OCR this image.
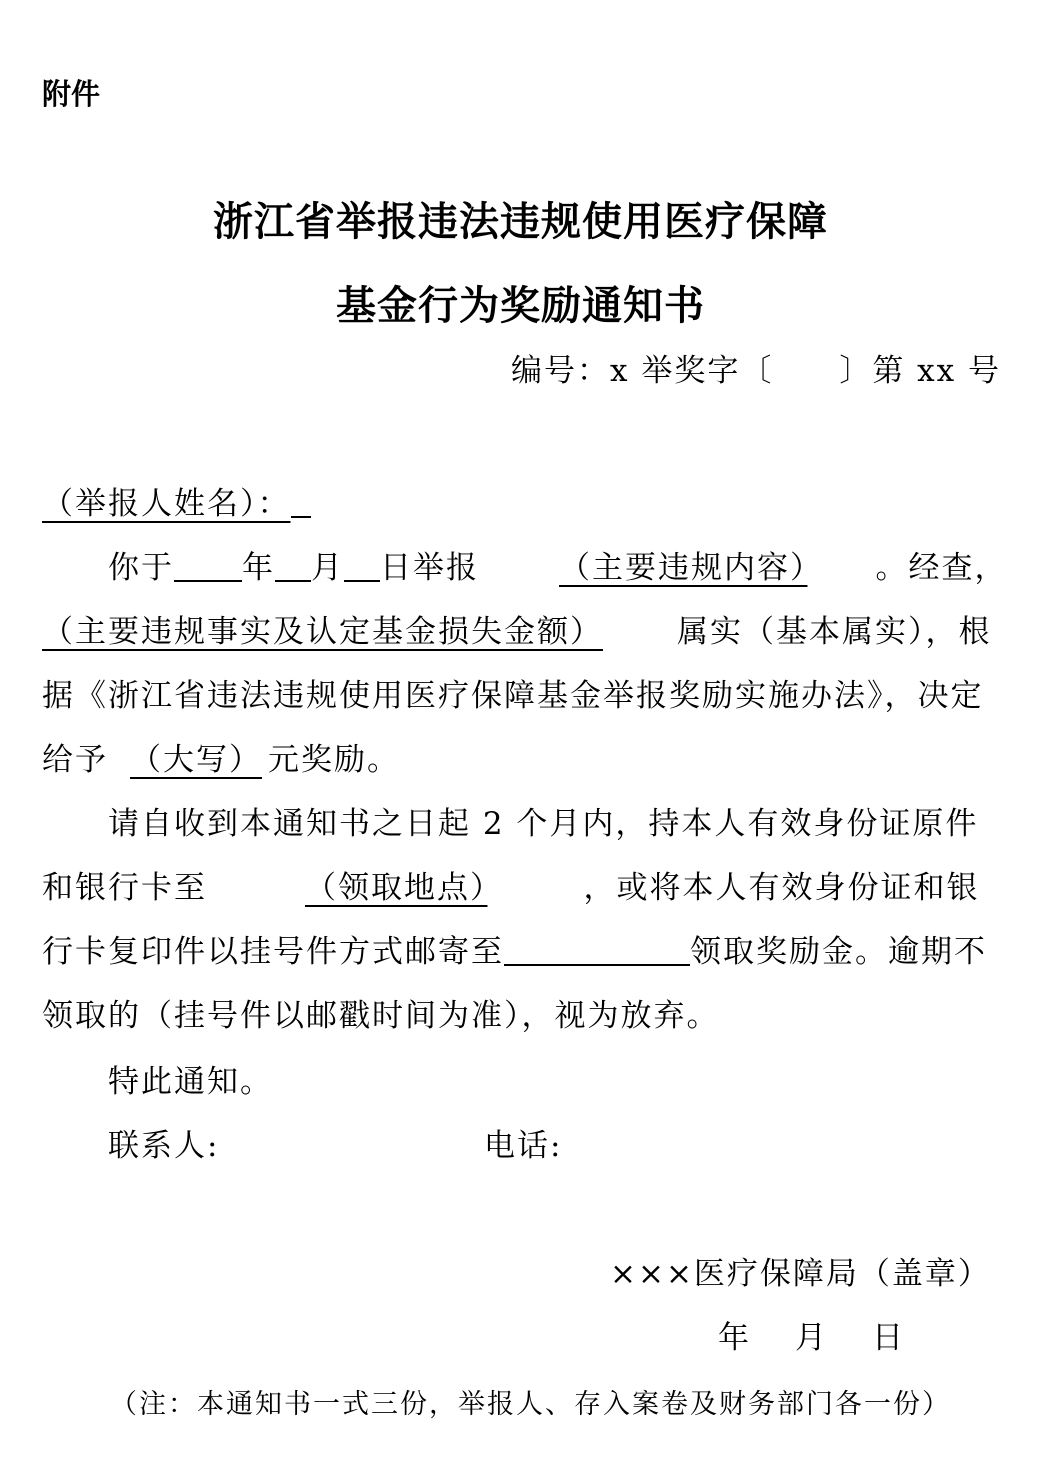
附件
浙江省举报违法违规使用医疗保障
基金行为奖励通知书
编号：x 举奖字〔　　〕第 xx 号
（举报人姓名）：
你于 年 月 日举报	（主要违规内容） 。经查，
（主要违规事实及认定基金损失金额） 属实（基本属实），根
据《浙江省违法违规使用医疗保障基金举报奖励实施办法》，决定
给予 （大写） 元奖励。
请自收到本通知书之日起 2 个月内，持本人有效身份证原件
和银行卡至	（领取地点）	，或将本人有效身份证和银
行卡复印件以挂号件方式邮寄至	领取奖励金。逾期不
领取的（挂号件以邮戳时间为准），视为放弃。
特此通知。
联系人:	电话:
×××医疗保障局（盖章）
年 月 日
（注：本通知书一式三份，举报人、存入案卷及财务部门各一份）
